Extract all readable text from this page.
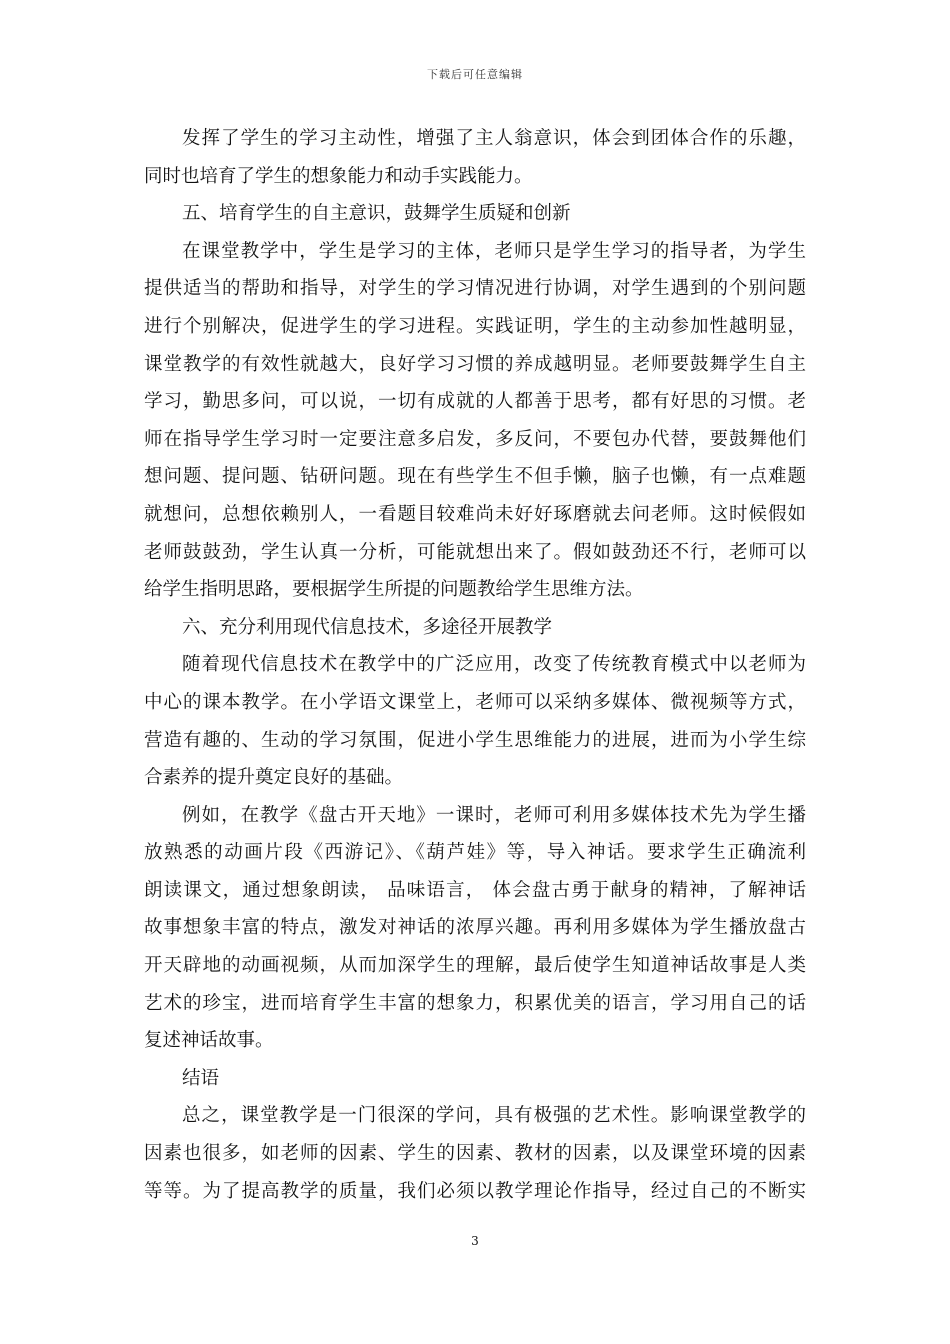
下载后可任意编辑
发挥了学生的学习主动性，增强了主人翁意识，体会到团体合作的乐趣，
同时也培育了学生的想象能力和动手实践能力。
五、培育学生的自主意识，鼓舞学生质疑和创新
在课堂教学中，学生是学习的主体，老师只是学生学习的指导者，为学生
提供适当的帮助和指导，对学生的学习情况进行协调，对学生遇到的个别问题
进行个别解决，促进学生的学习进程。实践证明，学生的主动参加性越明显，
课堂教学的有效性就越大，良好学习习惯的养成越明显。老师要鼓舞学生自主
学习，勤思多问，可以说，一切有成就的人都善于思考，都有好思的习惯。老
师在指导学生学习时一定要注意多启发，多反问，不要包办代替，要鼓舞他们
想问题、提问题、钻研问题。现在有些学生不但手懒，脑子也懒，有一点难题
就想问，总想依赖别人，一看题目较难尚未好好琢磨就去问老师。这时候假如
老师鼓鼓劲，学生认真一分析，可能就想出来了。假如鼓劲还不行，老师可以
给学生指明思路，要根据学生所提的问题教给学生思维方法。
六、充分利用现代信息技术，多途径开展教学
随着现代信息技术在教学中的广泛应用，改变了传统教育模式中以老师为
中心的课本教学。在小学语文课堂上，老师可以采纳多媒体、微视频等方式，
营造有趣的、生动的学习氛围，促进小学生思维能力的进展，进而为小学生综
合素养的提升奠定良好的基础。
例如，在教学《盘古开天地》一课时，老师可利用多媒体技术先为学生播
放熟悉的动画片段《西游记》、《葫芦娃》等，导入神话。要求学生正确流利
朗读课文，通过想象朗读， 品味语言， 体会盘古勇于献身的精神，了解神话
故事想象丰富的特点，激发对神话的浓厚兴趣。再利用多媒体为学生播放盘古
开天辟地的动画视频，从而加深学生的理解，最后使学生知道神话故事是人类
艺术的珍宝，进而培育学生丰富的想象力，积累优美的语言，学习用自己的话
复述神话故事。
结语
总之，课堂教学是一门很深的学问，具有极强的艺术性。影响课堂教学的
因素也很多，如老师的因素、学生的因素、教材的因素，以及课堂环境的因素
等等。为了提高教学的质量，我们必须以教学理论作指导，经过自己的不断实
3
